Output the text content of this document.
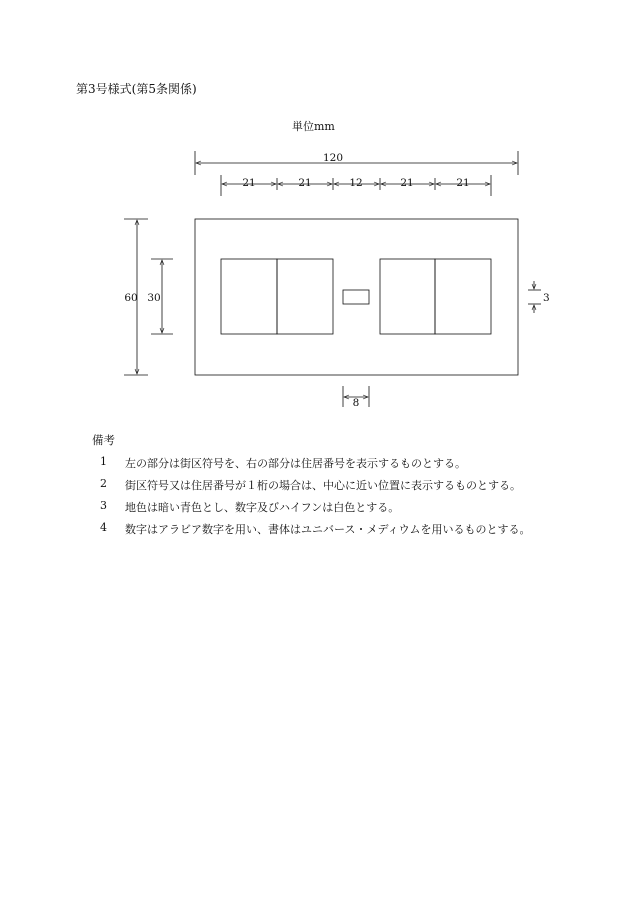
第3号様式(第5条関係)
単位mm
120
21	21	12	21	21
60 30
8
3
備考
1	左の部分は街区符号を、右の部分は住居番号を表示するものとする。
2	街区符号又は住居番号が１桁の場合は、中心に近い位置に表示するものとする。
3	地色は暗い青色とし、数字及びハイフンは白色とする。
4	数字はアラビア数字を用い、書体はユニバース・メディウムを用いるものとする。
